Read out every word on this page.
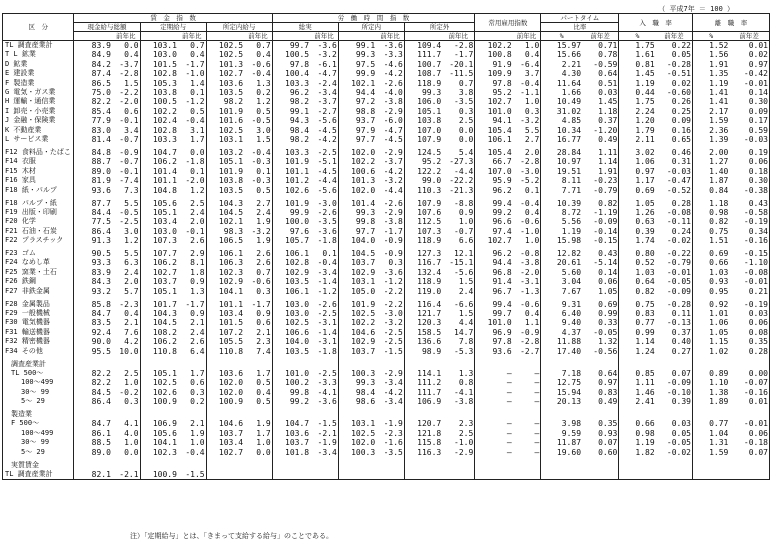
（ 平成7年 ＝ 100 ）
区　分	賃　金　指　数						労　働　時　間　指　数						常用雇用指数		パートタイム		入　職　率		離　職　率	
	現金給与総額		定期給与		所定内給与		総実		所定内		所定外				比率					
		前年比		前年比		前年比		前年比		前年比		前年比		前年比	%	前年差	%	前年差	%	前年差
TL 調査産業計	83.9	0.0	103.1	0.7	102.5	0.7	99.7	-3.6	99.1	-3.6	109.4	-2.8	102.2	1.0	15.97	0.71	1.75	0.22	1.52	0.01
T L 鉱業	84.9	0.4	103.0	0.4	102.5	0.4	100.5	-3.2	99.3	-3.3	111.7	-1.7	100.8	0.4	15.66	0.78	1.61	0.05	1.56	0.02
D 鉱業	84.2	-3.7	101.5	-1.7	101.3	-0.6	97.8	-6.1	97.5	-4.6	100.7	-20.1	91.9	-6.4	2.21	-0.59	0.81	-0.28	1.91	0.97
E 建設業	87.4	-2.8	102.8	-1.0	102.7	-0.4	100.4	-4.7	99.9	-4.2	108.7	-11.5	109.9	3.7	4.30	0.64	1.45	-0.51	1.35	-0.42
F 製造業	86.5	1.5	105.3	1.4	103.6	1.3	103.3	-2.4	102.1	-2.6	118.9	0.7	97.8	-0.4	11.64	0.51	1.19	0.02	1.19	-0.01
G 電気・ガス業	75.0	-2.2	103.8	0.1	103.5	0.2	96.2	-3.4	94.4	-4.0	99.3	3.8	95.2	-1.1	1.66	0.03	0.44	-0.60	1.41	0.14
H 運輸・通信業	82.2	-2.0	100.5	-1.2	98.2	1.2	98.2	-3.7	97.2	-3.8	106.0	-3.5	102.7	1.0	10.49	1.45	1.75	0.26	1.41	0.30
I 卸売・小売業	85.4	0.6	102.2	0.5	101.9	0.5	99.1	-2.7	98.8	-2.9	105.1	0.3	101.0	0.3	31.02	1.18	2.24	0.25	2.17	0.09
J 金融・保険業	77.9	-0.1	102.4	-0.4	101.6	-0.5	94.3	-5.6	93.7	-6.0	103.8	2.5	94.1	-3.2	4.85	0.37	1.20	0.09	1.59	0.17
K 不動産業	83.0	3.4	102.8	3.1	102.5	3.0	98.4	-4.5	97.9	-4.7	107.0	0.0	105.4	5.5	10.34	-1.20	1.79	0.16	2.36	0.59
L サービス業	81.4	-0.7	103.3	1.7	103.1	1.5	98.2	-4.2	97.7	-4.5	107.9	0.0	106.1	2.7	16.77	0.49	2.11	0.65	1.39	-0.03

F12 食料品・たばこ	84.8	-0.9	104.7	0.0	103.2	-0.4	103.3	-2.5	102.0	-2.9	124.5	5.4	105.4	2.0	28.84	1.11	3.02	0.46	2.00	0.19
F14 衣服	88.7	-0.7	106.2	-1.8	105.1	-0.3	101.9	-5.1	102.2	-3.7	95.2	-27.3	66.7	-2.8	10.97	1.14	1.06	0.31	1.27	0.06
F15 木材	89.0	-0.1	101.4	0.1	101.9	0.1	101.1	-4.5	100.6	-4.2	122.2	-4.4	107.0	-3.0	19.51	1.91	0.97	-0.03	1.40	0.18
F16 家具	81.9	-7.4	101.1	-2.0	103.8	-0.3	101.2	-4.4	101.3	-3.2	99.0	-22.2	95.9	-5.2	8.11	-0.23	1.17	-0.47	1.87	0.30
F18 紙・パルプ	93.6	7.3	104.8	1.2	103.5	0.5	102.6	-5.6	102.0	-4.4	110.3	-21.3	96.2	0.1	7.71	-0.79	0.69	-0.52	0.84	-0.38

F18 パルプ・紙	87.7	5.5	105.6	2.5	104.3	2.7	101.9	-3.0	101.4	-2.6	107.9	-8.8	99.4	-0.4	10.39	0.82	1.05	0.28	1.18	0.43
F19 出版・印刷	84.4	-0.5	105.1	2.4	104.5	2.4	99.9	-2.6	99.3	-2.9	107.6	0.9	99.2	0.4	8.72	-1.19	1.26	-0.08	0.98	-0.58
F20 化学	77.5	-2.5	103.4	2.0	102.1	1.9	100.0	-3.5	99.8	-3.8	112.5	1.0	96.6	-0.6	5.56	-0.09	0.63	-0.11	0.82	-0.19
F21 石油・石炭	86.4	3.0	103.0	-0.1	98.3	-3.2	97.6	-3.6	97.7	-1.7	107.3	-0.7	97.4	-1.0	1.19	-0.14	0.39	0.24	0.75	0.34
F22 プラスチック	91.3	1.2	107.3	2.6	106.5	1.9	105.7	-1.8	104.0	-0.9	118.9	6.6	102.7	1.0	15.98	-0.15	1.74	-0.02	1.51	-0.16

F23 ゴム	90.5	5.5	107.7	2.9	106.1	2.6	106.1	0.1	104.5	-0.9	127.3	12.1	96.2	-0.8	12.82	0.43	0.80	-0.22	0.69	-0.15
F24 なめし革	93.3	6.3	106.2	8.1	106.3	2.6	102.8	-0.4	103.7	0.3	116.7	-15.1	94.4	-3.8	20.61	-5.14	0.52	-0.79	0.66	-1.10
F25 窯業・土石	83.9	2.4	102.7	1.8	102.3	0.7	102.9	-3.4	102.9	-3.6	132.4	-5.6	96.8	-2.0	5.60	0.14	1.03	-0.01	1.03	-0.08
F26 鉄鋼	84.3	2.0	103.7	0.9	102.9	-0.6	103.5	-1.4	103.1	-1.2	118.9	1.5	91.4	-3.1	3.04	0.06	0.64	-0.05	0.93	-0.01
F27 非鉄金属	93.2	5.7	105.1	1.3	104.1	0.3	106.1	-1.2	105.0	-2.2	119.0	2.4	96.7	-1.3	7.67	1.05	0.82	-0.09	0.95	0.21

F28 金属製品	85.8	-2.3	101.7	-1.7	101.1	-1.7	103.0	-2.6	101.9	-2.2	116.4	-6.6	99.4	-0.6	9.31	0.69	0.75	-0.28	0.92	-0.19
F29 一般機械	84.7	0.4	104.3	0.9	103.4	0.9	103.0	-2.5	102.5	-3.0	121.7	1.5	99.7	0.4	6.40	0.99	0.83	0.11	1.01	0.03
F30 電気機器	83.5	2.1	104.5	2.1	101.5	0.6	102.5	-3.1	102.2	-3.2	120.3	4.4	101.0	1.1	9.40	0.33	0.77	-0.13	1.06	0.06
F31 輸送機器	92.4	7.6	108.2	2.4	107.2	2.1	106.6	-1.4	104.6	-2.5	158.5	14.7	96.9	-0.9	4.37	-0.05	0.99	0.37	1.05	0.08
F32 精密機器	90.0	4.2	106.2	2.6	105.5	2.3	104.0	-3.1	102.9	-2.5	136.6	7.8	97.8	-2.8	11.88	1.32	1.14	0.40	1.15	0.35
F34 その他	95.5	10.0	110.8	6.4	110.8	7.4	103.5	-1.8	103.7	-1.5	98.9	-5.3	93.6	-2.7	17.40	-0.56	1.24	0.27	1.02	0.28

調査産業計																				
TL 500～	82.2	2.5	105.1	1.7	103.6	1.7	101.0	-2.5	100.3	-2.9	114.1	1.3	–	–	7.18	0.64	0.85	0.07	0.89	0.00
100～499	82.2	1.0	102.5	0.6	102.0	0.5	100.2	-3.3	99.3	-3.4	111.2	0.8	–	–	12.75	0.97	1.11	-0.09	1.10	-0.07
30～ 99	84.5	-0.2	102.6	0.3	102.0	0.4	99.8	-4.1	98.4	-4.2	111.7	-4.1	–	–	15.94	0.83	1.46	-0.10	1.38	-0.16
5～ 29	86.4	0.3	100.9	0.2	100.9	0.5	99.2	-3.6	98.6	-3.4	106.9	-3.8	–	–	20.13	0.49	2.41	0.39	1.89	0.01

製造業																				
F 500～	84.7	4.1	106.9	2.1	104.6	1.9	104.7	-1.5	103.1	-1.9	120.7	2.3	–	–	3.98	0.35	0.66	0.03	0.77	-0.01
100～499	86.1	4.0	105.6	1.9	103.7	1.7	103.6	-2.1	102.5	-2.3	121.8	2.5	–	–	9.59	0.93	0.98	0.05	1.04	0.06
30～ 99	88.5	1.0	104.1	1.0	103.4	1.0	103.7	-1.9	102.0	-1.6	115.8	-1.0	–	–	11.87	0.07	1.19	-0.05	1.31	-0.18
5～ 29	89.0	0.0	102.3	-0.4	102.7	0.0	101.8	-3.4	100.3	-3.5	116.3	-2.9	–	–	19.60	0.60	1.82	-0.02	1.59	0.07

実質賃金																				
TL 調査産業計	82.1	-2.1	100.9	-1.5																
注）「定期給与」とは、「きまって支給する給与」のことである。
